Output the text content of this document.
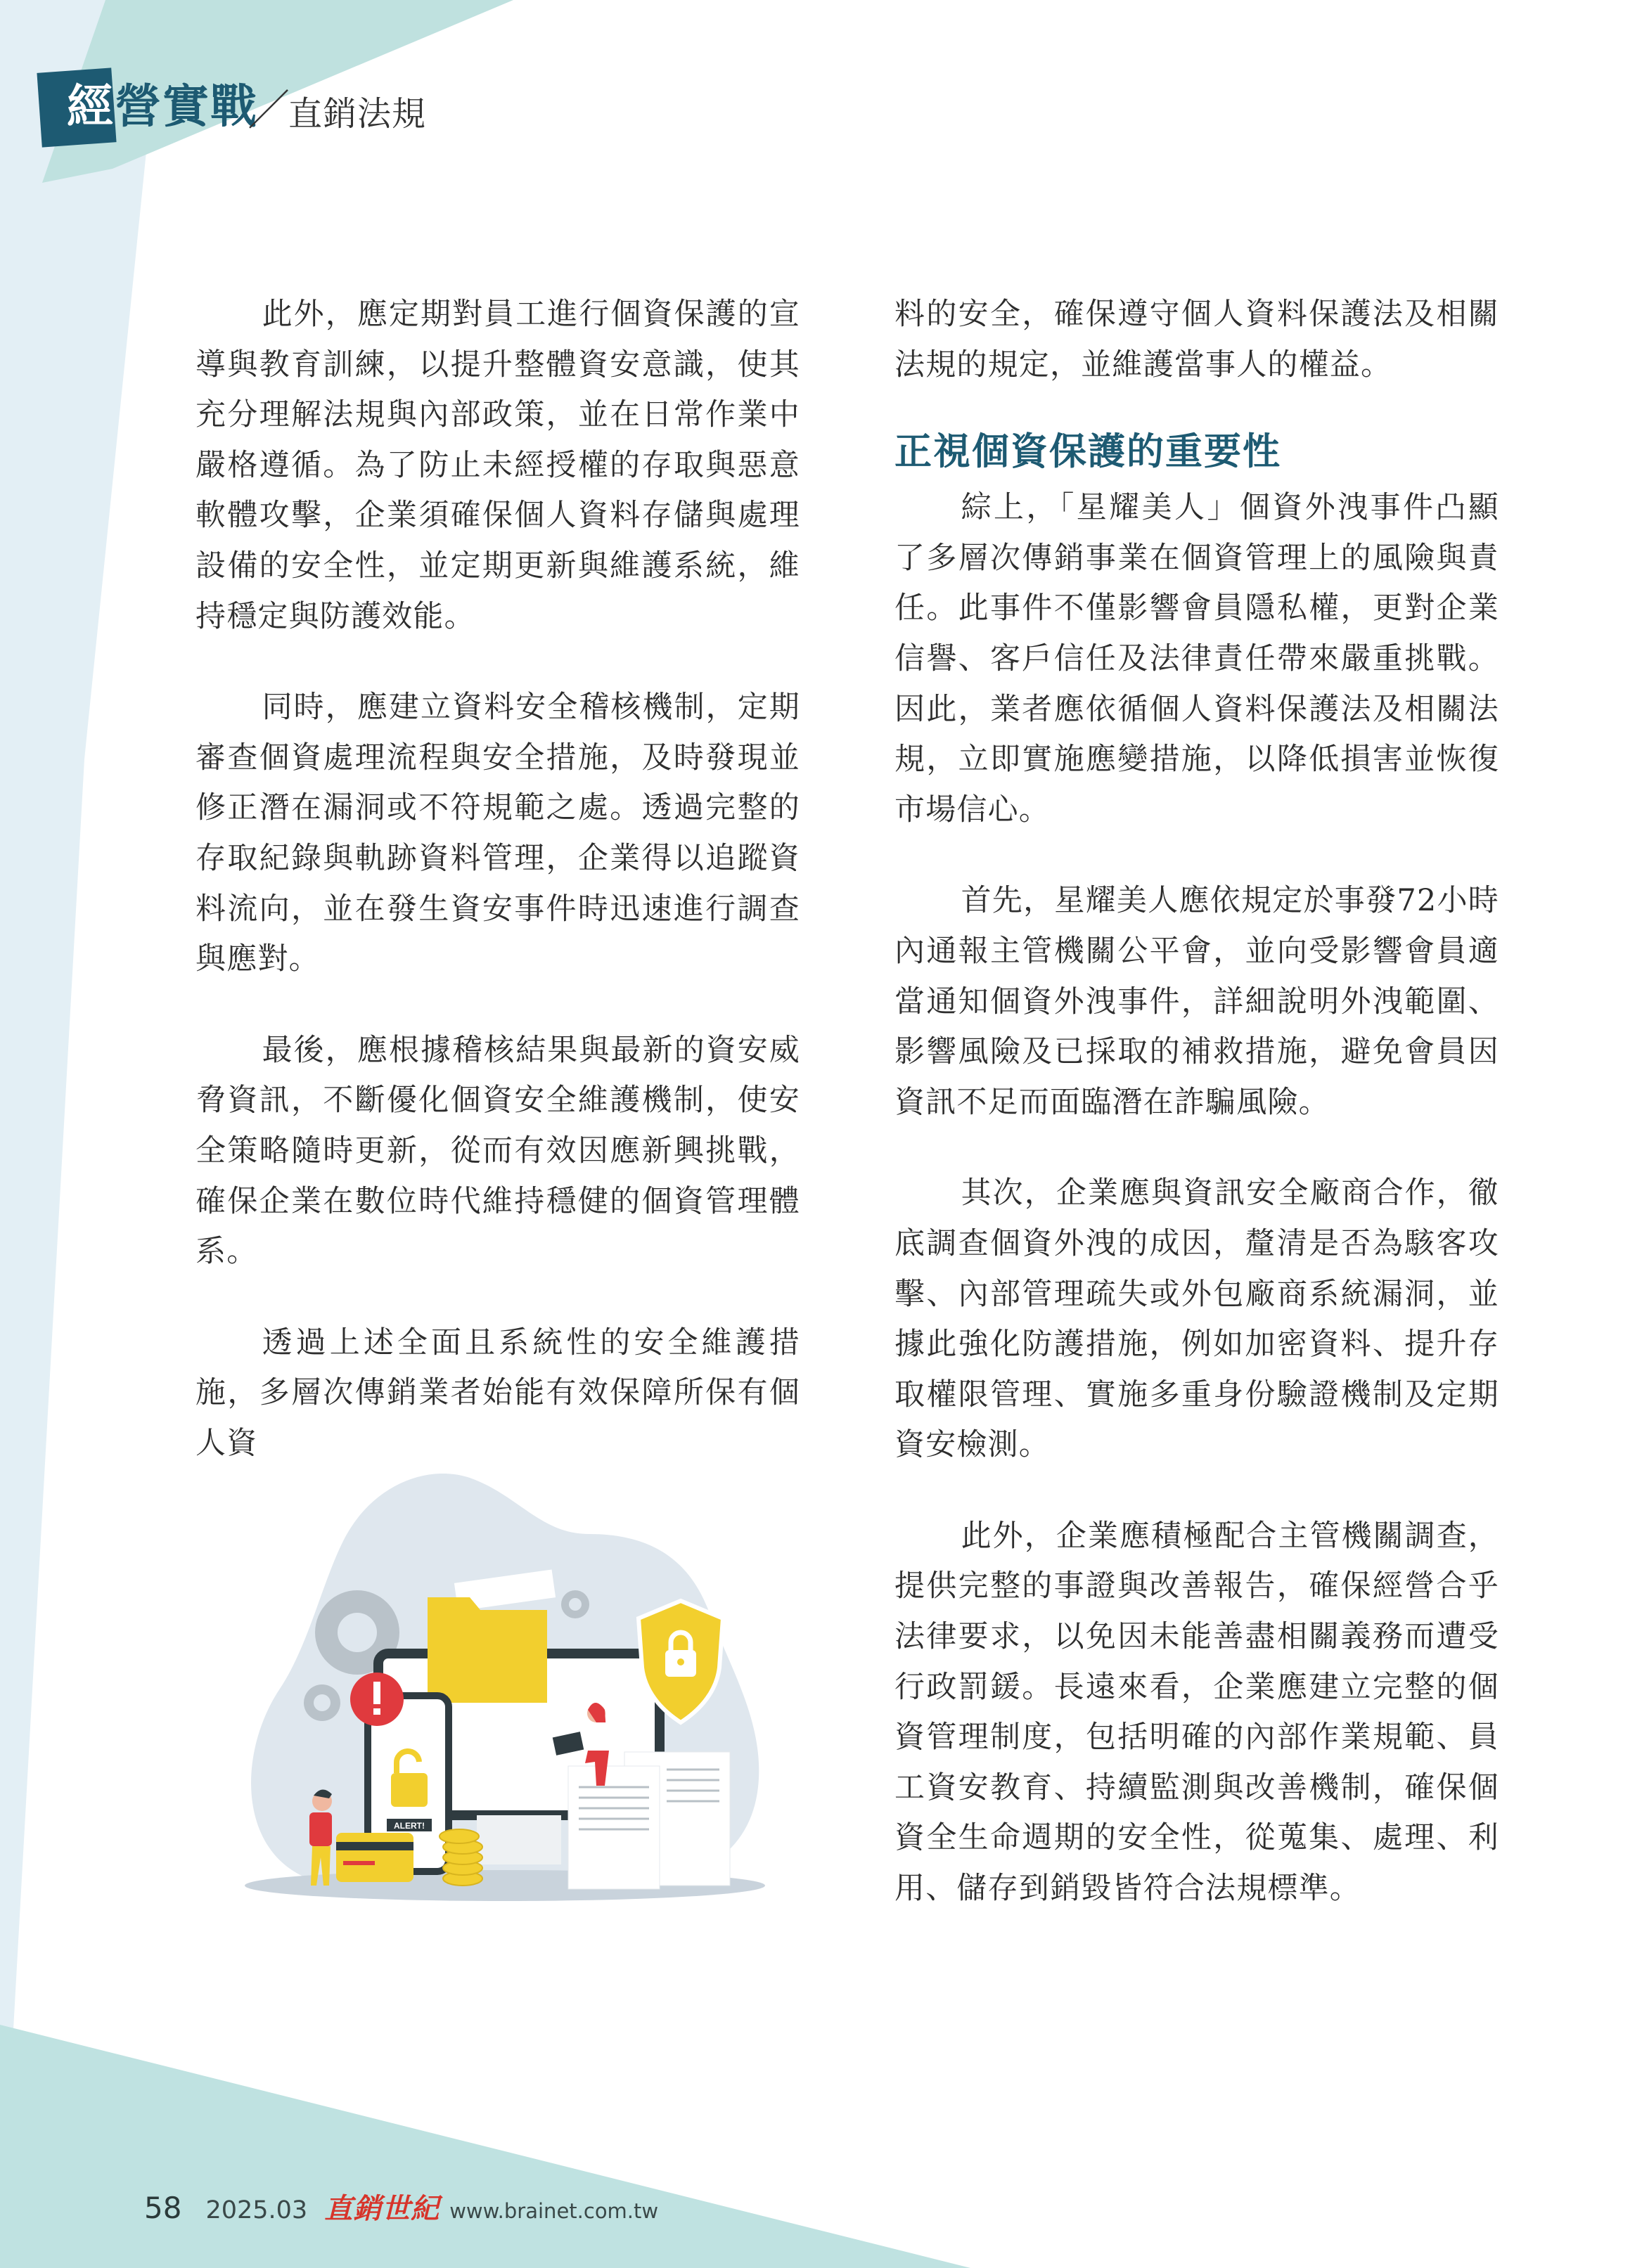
經營實戰
／
直銷法規

此外，應定期對員工進行個資保護的宣導與教育訓練，以提升整體資安意識，使其充分理解法規與內部政策，並在日常作業中嚴格遵循。為了防止未經授權的存取與惡意軟體攻擊，企業須確保個人資料存儲與處理設備的安全性，並定期更新與維護系統，維持穩定與防護效能。

同時，應建立資料安全稽核機制，定期審查個資處理流程與安全措施，及時發現並修正潛在漏洞或不符規範之處。透過完整的存取紀錄與軌跡資料管理，企業得以追蹤資料流向，並在發生資安事件時迅速進行調查與應對。

最後，應根據稽核結果與最新的資安威脅資訊，不斷優化個資安全維護機制，使安全策略隨時更新，從而有效因應新興挑戰，確保企業在數位時代維持穩健的個資管理體系。

透過上述全面且系統性的安全維護措施，多層次傳銷業者始能有效保障所保有個人資

ALERT!

料的安全，確保遵守個人資料保護法及相關法規的規定，並維護當事人的權益。

正視個資保護的重要性

綜上，「星耀美人」個資外洩事件凸顯了多層次傳銷事業在個資管理上的風險與責任。此事件不僅影響會員隱私權，更對企業信譽、客戶信任及法律責任帶來嚴重挑戰。因此，業者應依循個人資料保護法及相關法規，立即實施應變措施，以降低損害並恢復市場信心。

首先，星耀美人應依規定於事發72小時內通報主管機關公平會，並向受影響會員適當通知個資外洩事件，詳細說明外洩範圍、影響風險及已採取的補救措施，避免會員因資訊不足而面臨潛在詐騙風險。

其次，企業應與資訊安全廠商合作，徹底調查個資外洩的成因，釐清是否為駭客攻擊、內部管理疏失或外包廠商系統漏洞，並據此強化防護措施，例如加密資料、提升存取權限管理、實施多重身份驗證機制及定期資安檢測。

此外，企業應積極配合主管機關調查，提供完整的事證與改善報告，確保經營合乎法律要求，以免因未能善盡相關義務而遭受行政罰鍰。長遠來看，企業應建立完整的個資管理制度，包括明確的內部作業規範、員工資安教育、持續監測與改善機制，確保個資全生命週期的安全性，從蒐集、處理、利用、儲存到銷毀皆符合法規標準。

58 2025.03 直銷世紀 www.brainet.com.tw
